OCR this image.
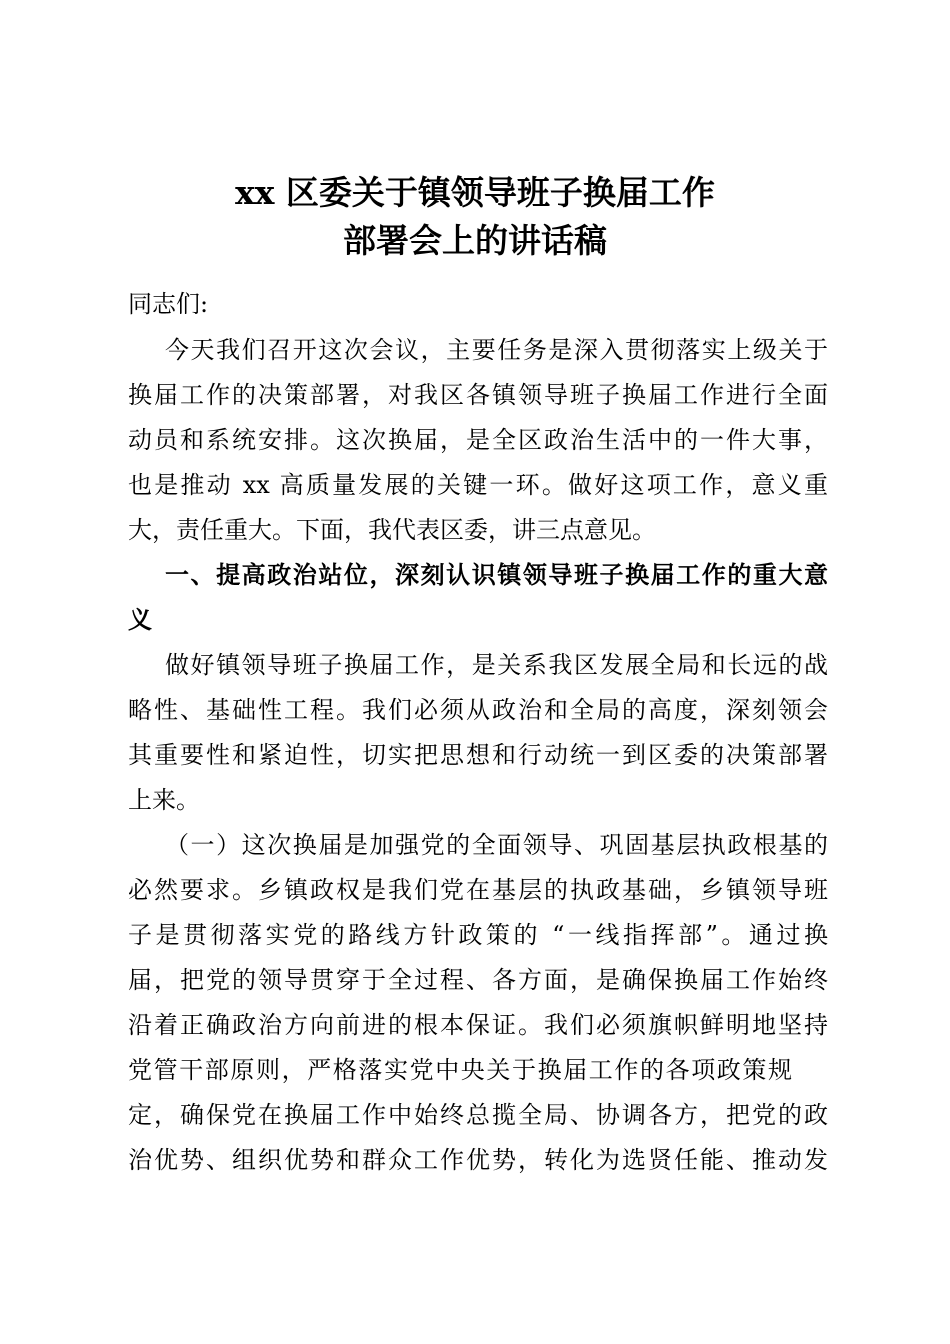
xx 区委关于镇领导班子换届工作
部署会上的讲话稿
同志们:
今天我们召开这次会议，主要任务是深入贯彻落实上级关于
换届工作的决策部署，对我区各镇领导班子换届工作进行全面
动员和系统安排。这次换届，是全区政治生活中的一件大事，
也是推动 xx 高质量发展的关键一环。做好这项工作，意义重
大，责任重大。下面，我代表区委，讲三点意见。
一、提高政治站位，深刻认识镇领导班子换届工作的重大意
义
做好镇领导班子换届工作，是关系我区发展全局和长远的战
略性、基础性工程。我们必须从政治和全局的高度，深刻领会
其重要性和紧迫性，切实把思想和行动统一到区委的决策部署
上来。
（一）这次换届是加强党的全面领导、巩固基层执政根基的
必然要求。乡镇政权是我们党在基层的执政基础，乡镇领导班
子是贯彻落实党的路线方针政策的 “一线指挥部”。通过换
届，把党的领导贯穿于全过程、各方面，是确保换届工作始终
沿着正确政治方向前进的根本保证。我们必须旗帜鲜明地坚持
党管干部原则，严格落实党中央关于换届工作的各项政策规
定，确保党在换届工作中始终总揽全局、协调各方，把党的政
治优势、组织优势和群众工作优势，转化为选贤任能、推动发
